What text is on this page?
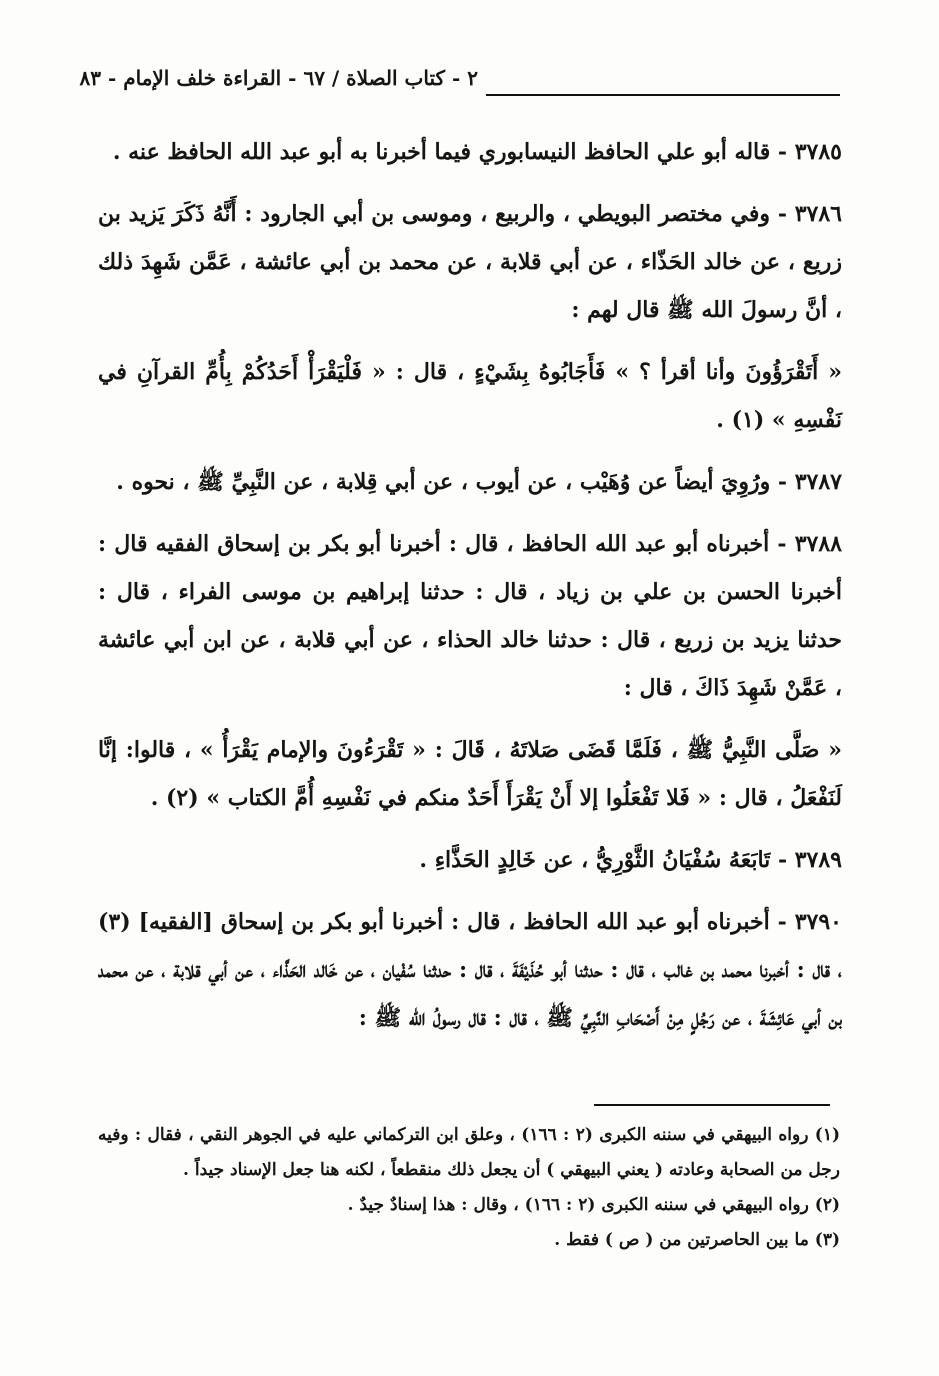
٢ - كتاب الصلاة / ٦٧ - القراءة خلف الإمام - ٨٣

٣٧٨٥ - قاله أبو علي الحافظ النيسابوري فيما أخبرنا به أبو عبد الله الحافظ عنه .

٣٧٨٦ - وفي مختصر البويطي ، والربيع ، وموسى بن أبي الجارود : أَنَّهُ ذَكَرَ يَزيد بن زريع ، عن خالد الحَذّاء ، عن أبي قلابة ، عن محمد بن أبي عائشة ، عَمَّن شَهِدَ ذلك ، أنَّ رسولَ الله ﷺ قال لهم :

« أَتَقْرَؤُونَ وأنا أقرأ ؟ » فَأَجَابُوهُ بِشَيْءٍ ، قال : « فَلْيَقْرَأْ أَحَدُكُمْ بِأُمِّ القرآنِ في نَفْسِهِ » (١) .

٣٧٨٧ - ورُوِيَ أيضاً عن وُهَيْب ، عن أيوب ، عن أبي قِلابة ، عن النَّبِيِّ ﷺ ، نحوه .

٣٧٨٨ - أخبرناه أبو عبد الله الحافظ ، قال : أخبرنا أبو بكر بن إسحاق الفقيه قال : أخبرنا الحسن بن علي بن زياد ، قال : حدثنا إبراهيم بن موسى الفراء ، قال : حدثنا يزيد بن زريع ، قال : حدثنا خالد الحذاء ، عن أبي قلابة ، عن ابن أبي عائشة ، عَمَّنْ شَهِدَ ذَاكَ ، قال :

« صَلَّى النَّبِيُّ ﷺ ، فَلَمَّا قَضَى صَلاتَهُ ، قَالَ : « تَقْرَءُونَ والإمام يَقْرَأُ » ، قالوا: إنَّا لَنَفْعَلُ ، قال : « فَلا تَفْعَلُوا إلا أَنْ يَقْرَأَ أَحَدٌ منكم في نَفْسِهِ أُمَّ الكتاب » (٢) .

٣٧٨٩ - تَابَعَهُ سُفْيَانُ الثَّوْرِيُّ ، عن خَالِدٍ الحَذَّاءِ .

٣٧٩٠ - أخبرناه أبو عبد الله الحافظ ، قال : أخبرنا أبو بكر بن إسحاق [الفقيه] (٣) ، قال : أخبرنا محمد بن غالب ، قال : حدثنا أبو حُذَيْفَةَ ، قال : حدثنا سُفْيان ، عن خَالد الحَذَّاء ، عن أبي قلابة ، عن محمد بن أبي عَائِشَةَ ، عن رَجُلٍ مِنْ أَصْحَابِ النَّبِيِّ ﷺ ، قال : قال رسولُ الله ﷺ :

(١) رواه البيهقي في سننه الكبرى (٢ : ١٦٦) ، وعلق ابن التركماني عليه في الجوهر النقي ، فقال : وفيه رجل من الصحابة وعادته ( يعني البيهقي ) أن يجعل ذلك منقطعاً ، لكنه هنا جعل الإسناد جيداً .

(٢) رواه البيهقي في سننه الكبرى (٢ : ١٦٦) ، وقال : هذا إسنادٌ جيدٌ .

(٣) ما بين الحاصرتين من ( ص ) فقط .
